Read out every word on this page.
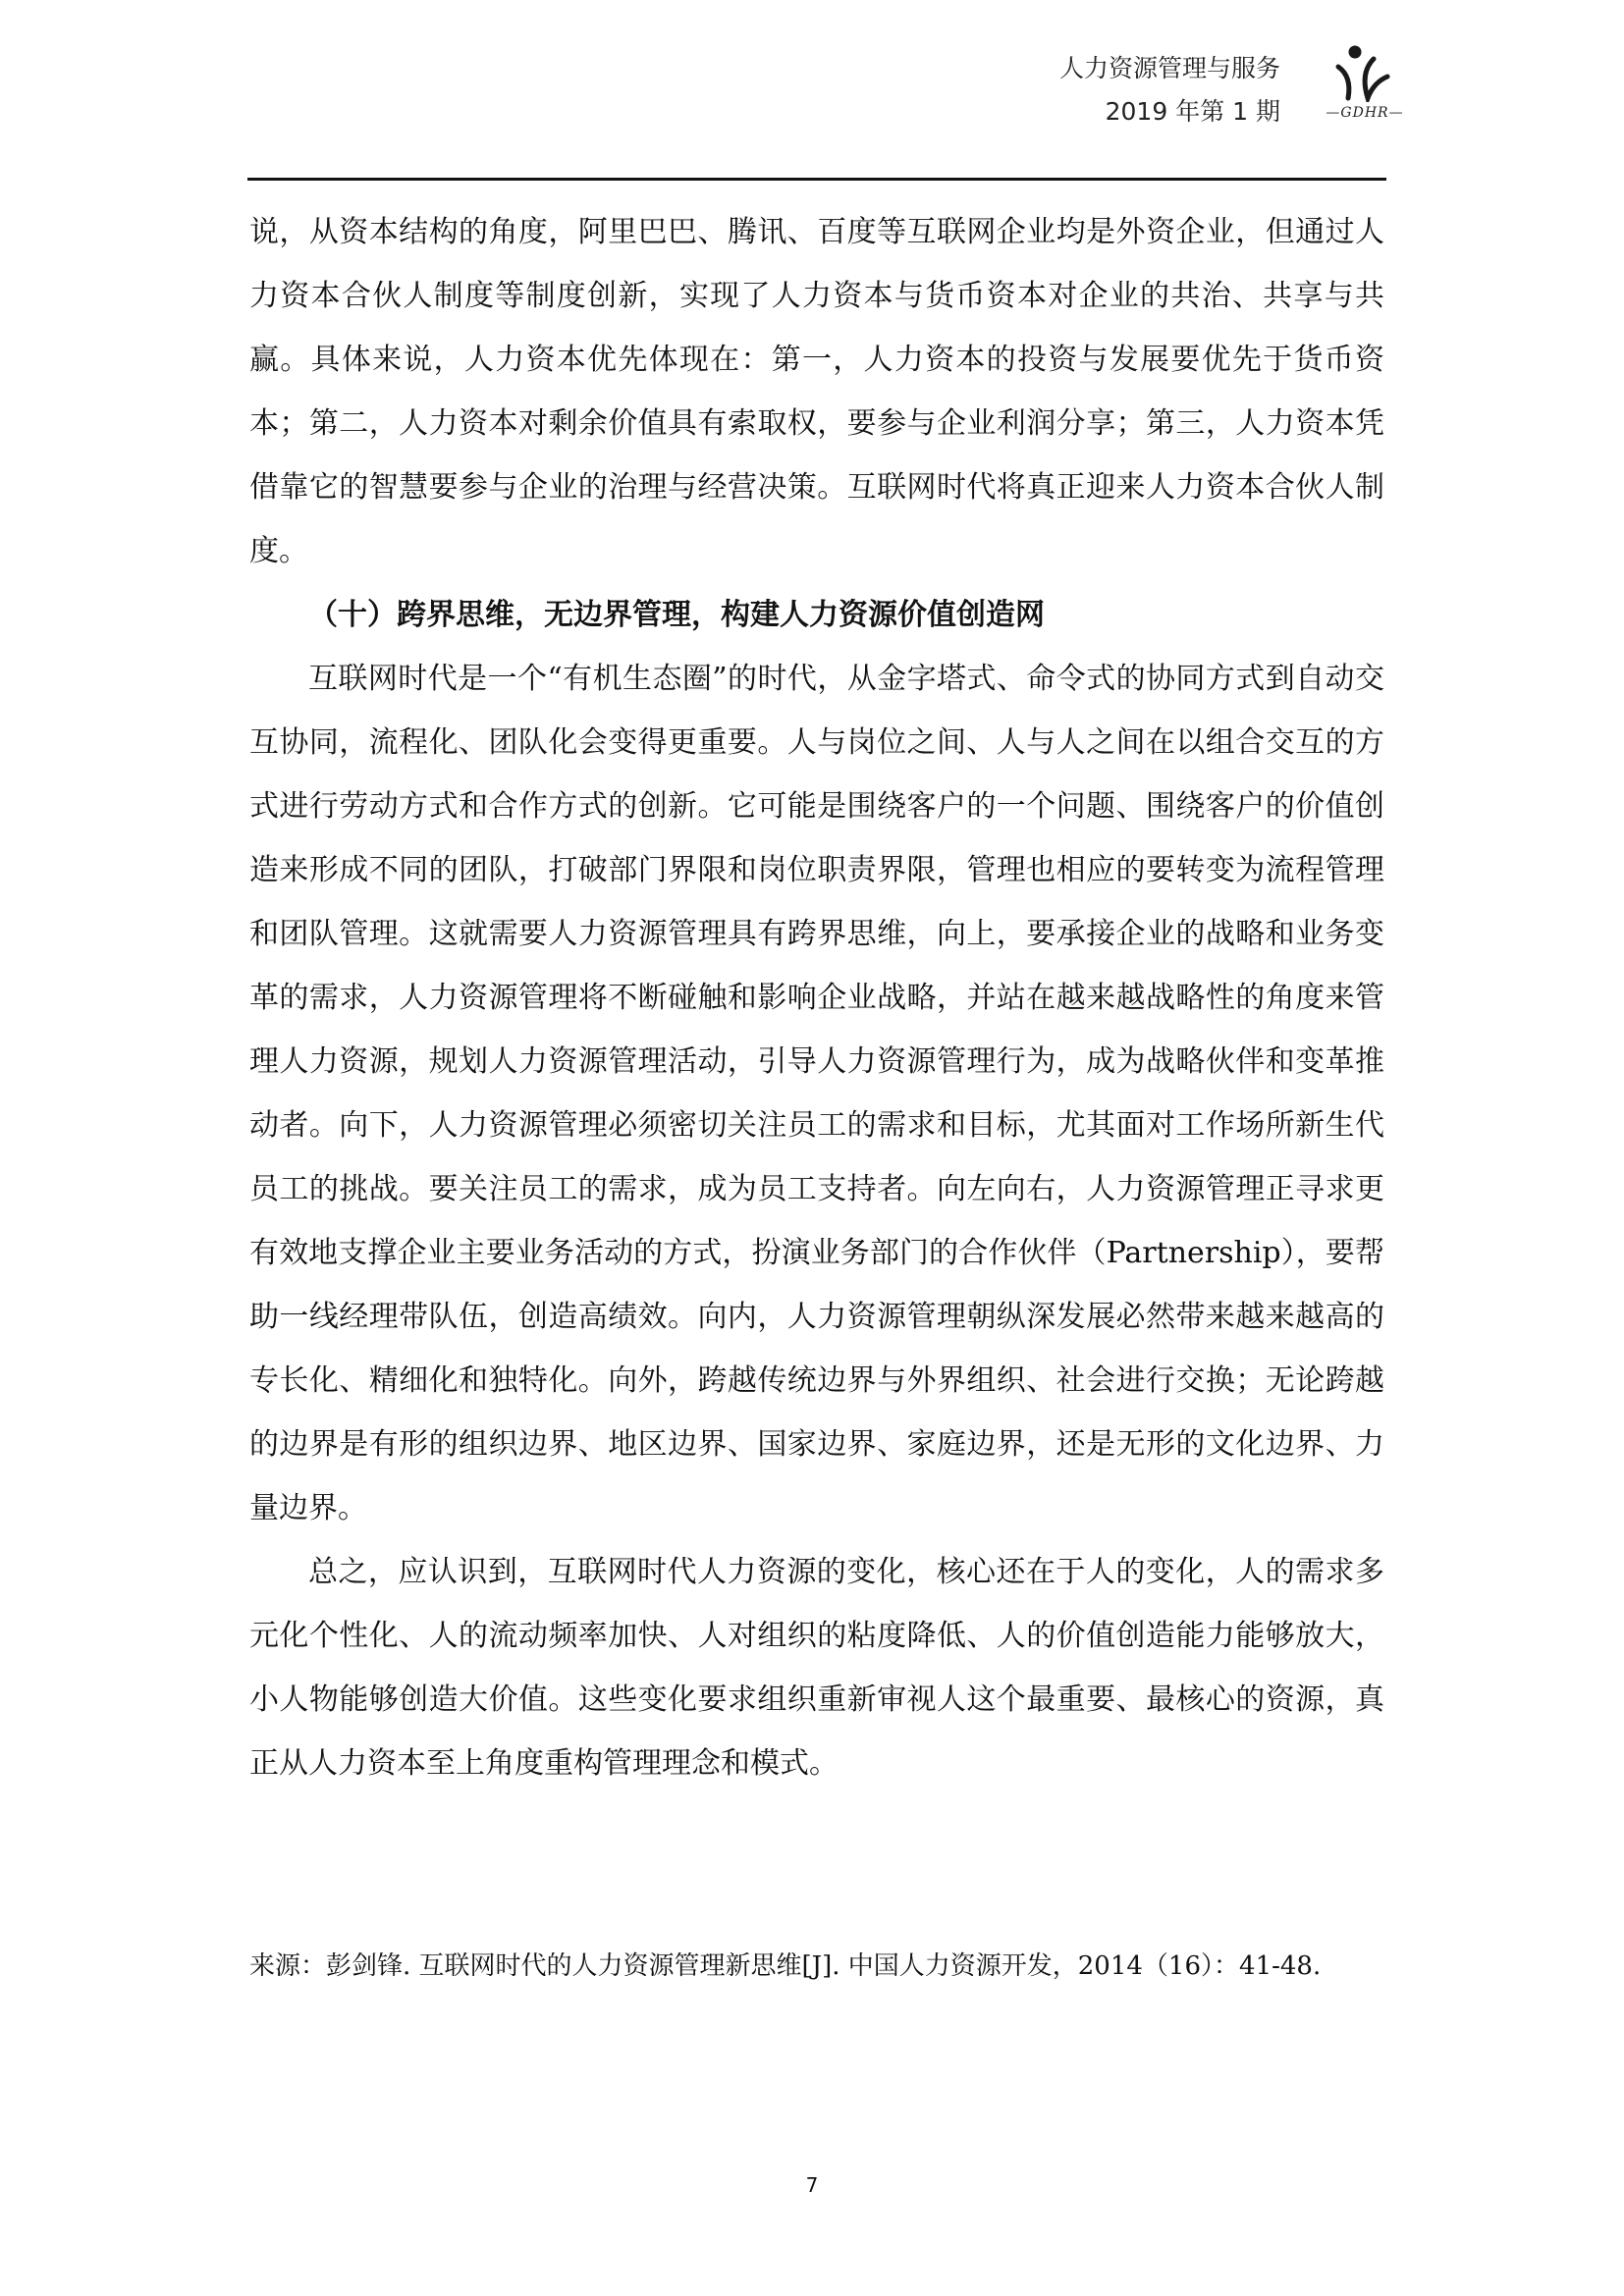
人力资源管理与服务
2019 年第 1 期	—GDHR—

说，从资本结构的角度，阿里巴巴、腾讯、百度等互联网企业均是外资企业，但通过人力资本合伙人制度等制度创新，实现了人力资本与货币资本对企业的共治、共享与共赢。具体来说，人力资本优先体现在：第一，人力资本的投资与发展要优先于货币资本；第二，人力资本对剩余价值具有索取权，要参与企业利润分享；第三，人力资本凭借靠它的智慧要参与企业的治理与经营决策。互联网时代将真正迎来人力资本合伙人制度。

（十）跨界思维，无边界管理，构建人力资源价值创造网

互联网时代是一个“有机生态圈”的时代，从金字塔式、命令式的协同方式到自动交互协同，流程化、团队化会变得更重要。人与岗位之间、人与人之间在以组合交互的方式进行劳动方式和合作方式的创新。它可能是围绕客户的一个问题、围绕客户的价值创造来形成不同的团队，打破部门界限和岗位职责界限，管理也相应的要转变为流程管理和团队管理。这就需要人力资源管理具有跨界思维，向上，要承接企业的战略和业务变革的需求，人力资源管理将不断碰触和影响企业战略，并站在越来越战略性的角度来管理人力资源，规划人力资源管理活动，引导人力资源管理行为，成为战略伙伴和变革推动者。向下，人力资源管理必须密切关注员工的需求和目标，尤其面对工作场所新生代员工的挑战。要关注员工的需求，成为员工支持者。向左向右，人力资源管理正寻求更有效地支撑企业主要业务活动的方式，扮演业务部门的合作伙伴（Partnership），要帮助一线经理带队伍，创造高绩效。向内，人力资源管理朝纵深发展必然带来越来越高的专长化、精细化和独特化。向外，跨越传统边界与外界组织、社会进行交换；无论跨越的边界是有形的组织边界、地区边界、国家边界、家庭边界，还是无形的文化边界、力量边界。

总之，应认识到，互联网时代人力资源的变化，核心还在于人的变化，人的需求多元化个性化、人的流动频率加快、人对组织的粘度降低、人的价值创造能力能够放大，小人物能够创造大价值。这些变化要求组织重新审视人这个最重要、最核心的资源，真正从人力资本至上角度重构管理理念和模式。

来源：彭剑锋. 互联网时代的人力资源管理新思维[J]. 中国人力资源开发，2014（16）：41-48.
7
